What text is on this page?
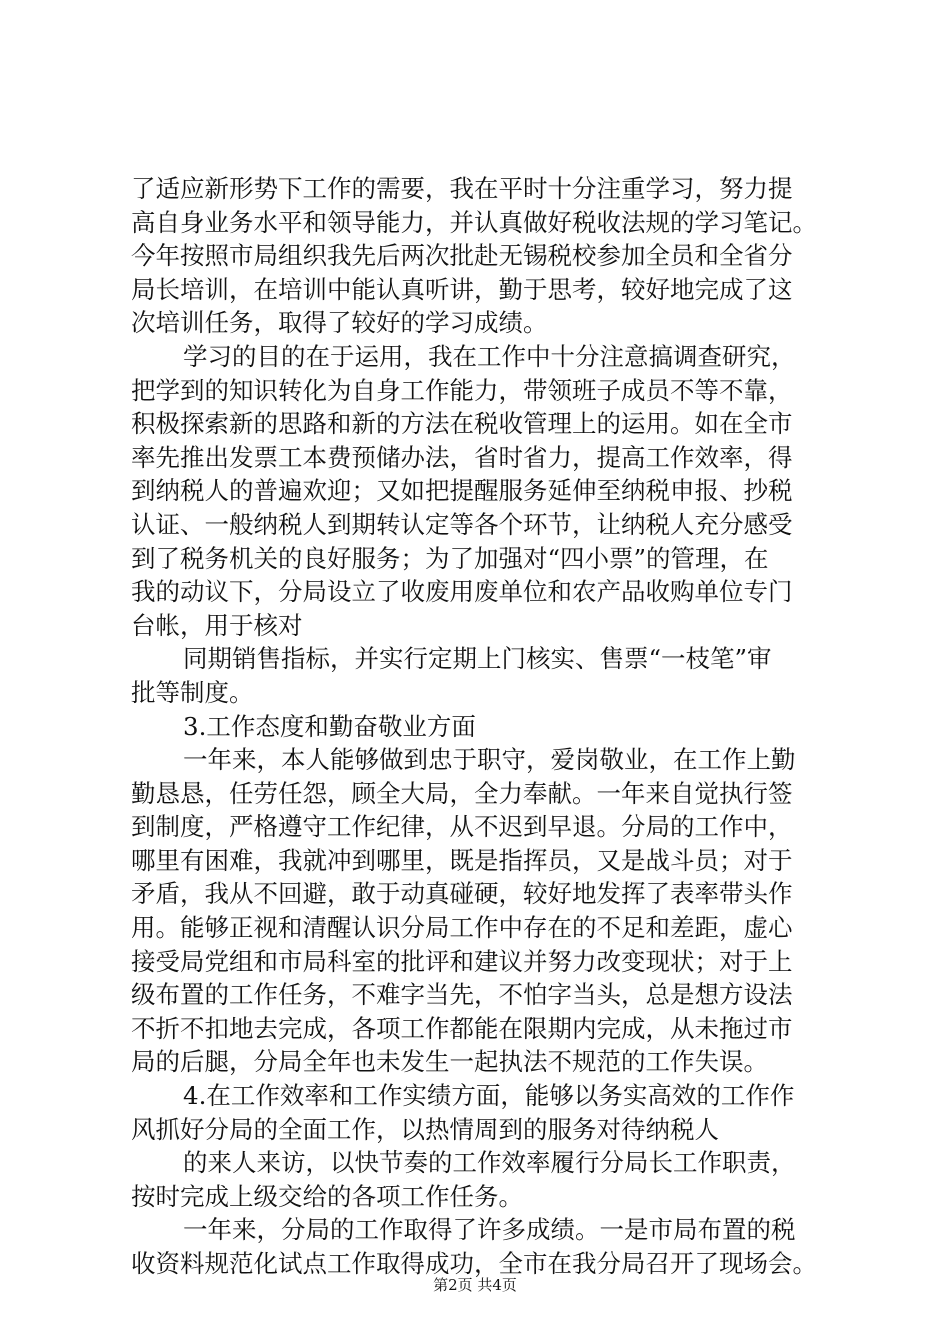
了适应新形势下工作的需要，我在平时十分注重学习，努力提
高自身业务水平和领导能力，并认真做好税收法规的学习笔记。
今年按照市局组织我先后两次批赴无锡税校参加全员和全省分
局长培训，在培训中能认真听讲，勤于思考，较好地完成了这
次培训任务，取得了较好的学习成绩。
学习的目的在于运用，我在工作中十分注意搞调查研究，
把学到的知识转化为自身工作能力，带领班子成员不等不靠，
积极探索新的思路和新的方法在税收管理上的运用。如在全市
率先推出发票工本费预储办法，省时省力，提高工作效率，得
到纳税人的普遍欢迎；又如把提醒服务延伸至纳税申报、抄税
认证、一般纳税人到期转认定等各个环节，让纳税人充分感受
到了税务机关的良好服务；为了加强对“四小票”的管理，在
我的动议下，分局设立了收废用废单位和农产品收购单位专门
台帐，用于核对
同期销售指标，并实行定期上门核实、售票“一枝笔”审
批等制度。
3.工作态度和勤奋敬业方面
一年来，本人能够做到忠于职守，爱岗敬业，在工作上勤
勤恳恳，任劳任怨，顾全大局，全力奉献。一年来自觉执行签
到制度，严格遵守工作纪律，从不迟到早退。分局的工作中，
哪里有困难，我就冲到哪里，既是指挥员，又是战斗员；对于
矛盾，我从不回避，敢于动真碰硬，较好地发挥了表率带头作
用。能够正视和清醒认识分局工作中存在的不足和差距，虚心
接受局党组和市局科室的批评和建议并努力改变现状；对于上
级布置的工作任务，不难字当先，不怕字当头，总是想方设法
不折不扣地去完成，各项工作都能在限期内完成，从未拖过市
局的后腿，分局全年也未发生一起执法不规范的工作失误。
4.在工作效率和工作实绩方面，能够以务实高效的工作作
风抓好分局的全面工作，以热情周到的服务对待纳税人
的来人来访，以快节奏的工作效率履行分局长工作职责，
按时完成上级交给的各项工作任务。
一年来，分局的工作取得了许多成绩。一是市局布置的税
收资料规范化试点工作取得成功，全市在我分局召开了现场会。
第2页 共4页
